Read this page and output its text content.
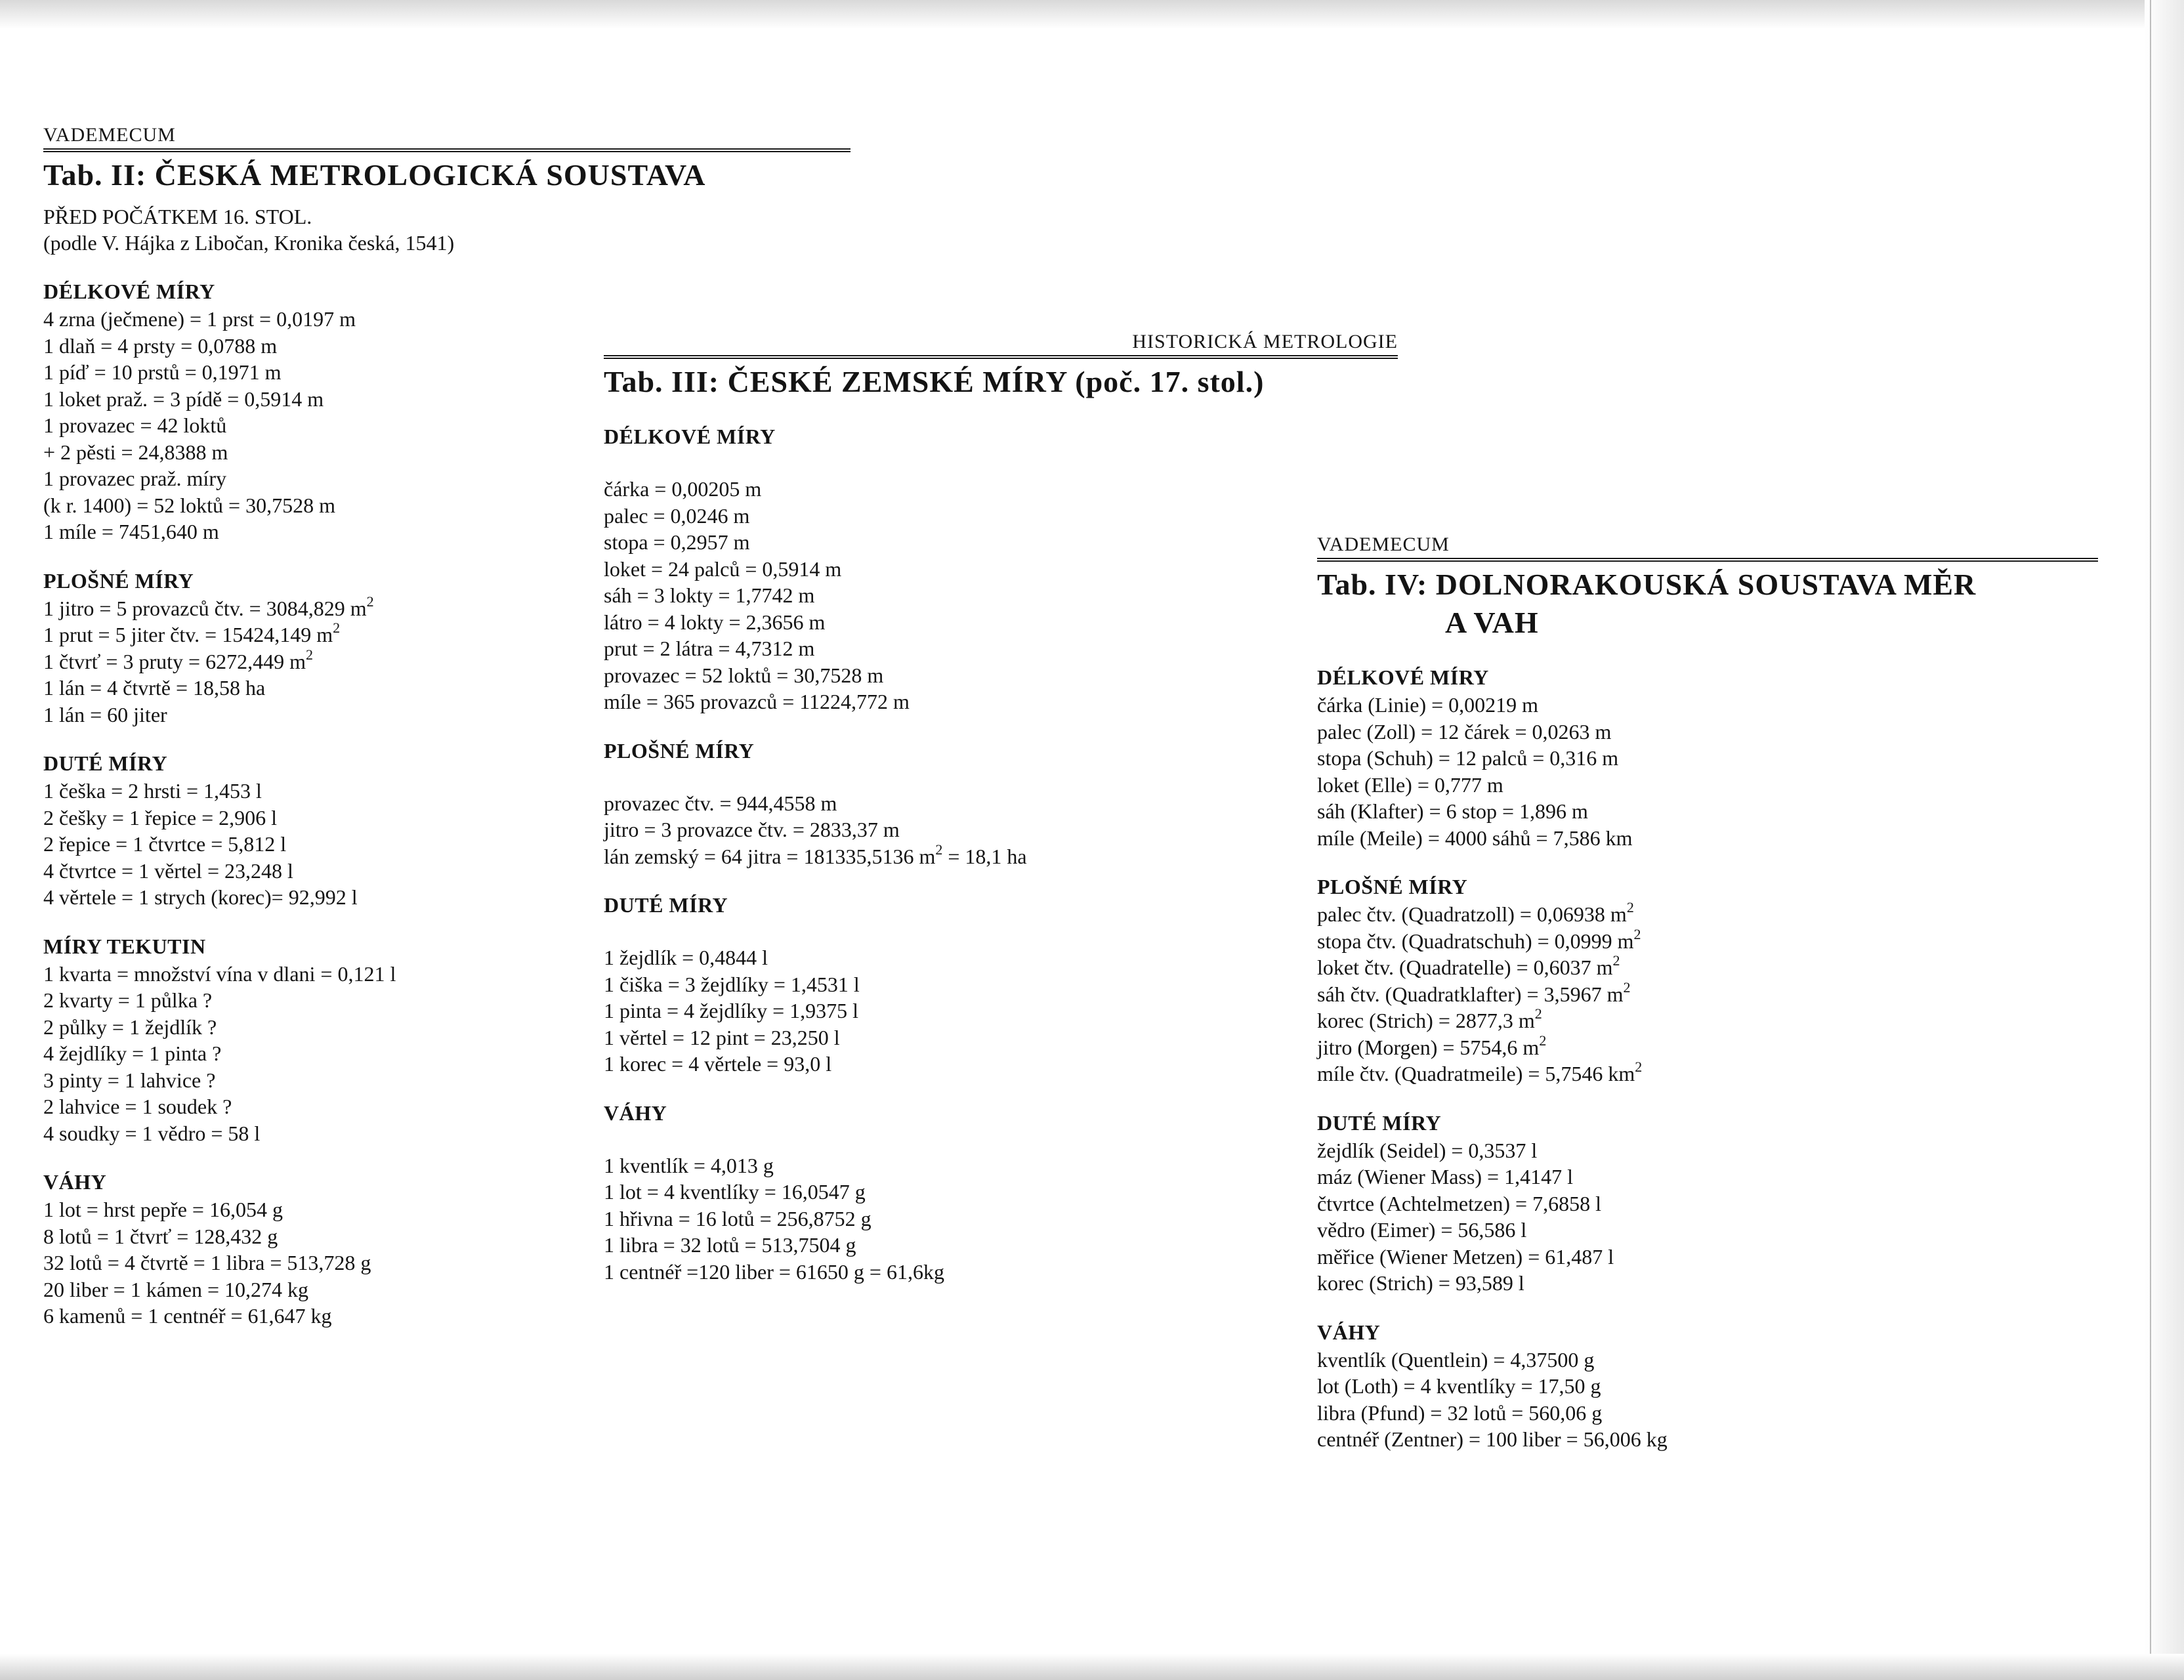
VADEMECUM

Tab. II: ČESKÁ METROLOGICKÁ SOUSTAVA

PŘED POČÁTKEM 16. STOL.

(podle V. Hájka z Libočan, Kronika česká, 1541)

DÉLKOVÉ MÍRY

4 zrna (ječmene) = 1 prst = 0,0197 m

1 dlaň = 4 prsty = 0,0788 m

1 píď = 10 prstů = 0,1971 m

1 loket praž. = 3 pídě = 0,5914 m

1 provazec = 42 loktů

+ 2 pěsti = 24,8388 m

1 provazec praž. míry

(k r. 1400) = 52 loktů = 30,7528 m

1 míle = 7451,640 m

PLOŠNÉ MÍRY

1 jitro = 5 provazců čtv. = 3084,829 $m^2$

1 prut = 5 jiter čtv. = 15424,149 $m^2$

1 čtvrť = 3 pruty = 6272,449 $m^2$

1 lán = 4 čtvrtě = 18,58 ha

1 lán = 60 jiter

DUTÉ MÍRY

1 češka = 2 hrsti = 1,453 l

2 češky = 1 řepice = 2,906 l

2 řepice = 1 čtvrtce = 5,812 l

4 čtvrtce = 1 věrtel = 23,248 l

4 věrtele = 1 strych (korec)= 92,992 l

MÍRY TEKUTIN

1 kvarta = množství vína v dlani = 0,121 l

2 kvarty = 1 půlka ?

2 půlky = 1 žejdlík ?

4 žejdlíky = 1 pinta ?

3 pinty = 1 lahvice ?

2 lahvice = 1 soudek ?

4 soudky = 1 vědro = 58 l

VÁHY

1 lot = hrst pepře = 16,054 g

8 lotů = 1 čtvrť = 128,432 g

32 lotů = 4 čtvrtě = 1 libra = 513,728 g

20 liber = 1 kámen = 10,274 kg

6 kamenů = 1 centnéř = 61,647 kg

HISTORICKÁ METROLOGIE

Tab. III: ČESKÉ ZEMSKÉ MÍRY (poč. 17. stol.)
DÉLKOVÉ MÍRY

čárka = 0,00205 m

palec = 0,0246 m

stopa = 0,2957 m

loket = 24 palců = 0,5914 m

sáh = 3 lokty = 1,7742 m

látro = 4 lokty = 2,3656 m

prut = 2 látra = 4,7312 m

provazec = 52 loktů = 30,7528 m

míle = 365 provazců = 11224,772 m

PLOŠNÉ MÍRY

provazec čtv. = 944,4558 m

jitro = 3 provazce čtv. = 2833,37 m

lán zemský = 64 jitra = 181335,5136 $m^2 = 18,1$ ha

DUTÉ MÍRY

1 žejdlík = 0,4844 l

1 čiška = 3 žejdlíky = 1,4531 l

1 pinta = 4 žejdlíky = 1,9375 l

1 věrtel = 12 pint = 23,250 l

1 korec = 4 věrtele = 93,0 l

VÁHY

1 kventlík = 4,013 g

1 lot = 4 kventlíky = 16,0547 g

1 hřivna = 16 lotů = 256,8752 g

1 libra = 32 lotů = 513,7504 g

1 centnéř =120 liber = 61650 g = 61,6kg

VADEMECUM

Tab. IV: DOLNORAKOUSKÁ SOUSTAVA MĚR
A VAH
DÉLKOVÉ MÍRY

čárka (Linie) = 0,00219 m

palec (Zoll) = 12 čárek = 0,0263 m

stopa (Schuh) = 12 palců = 0,316 m

loket (Elle) = 0,777 m

sáh (Klafter) = 6 stop = 1,896 m

míle (Meile) = 4000 sáhů = 7,586 km

PLOŠNÉ MÍRY

palec čtv. (Quadratzoll) = 0,06938 $m^2$

stopa čtv. (Quadratschuh) = 0,0999 $m^2$

loket čtv. (Quadratelle) = 0,6037 $m^2$

sáh čtv. (Quadratklafter) = 3,5967 $m^2$

korec (Strich) = 2877,3 $m^2$

jitro (Morgen) = 5754,6 $m^2$

míle čtv. (Quadratmeile) = 5,7546 $km^2$

DUTÉ MÍRY

žejdlík (Seidel) = 0,3537 l

máz (Wiener Mass) = 1,4147 l

čtvrtce (Achtelmetzen) = 7,6858 l

vědro (Eimer) = 56,586 l

měřice (Wiener Metzen) = 61,487 l

korec (Strich) = 93,589 l

VÁHY

kventlík (Quentlein) = 4,37500 g

lot (Loth) = 4 kventlíky = 17,50 g

libra (Pfund) = 32 lotů = 560,06 g

centnéř (Zentner) = 100 liber = 56,006 kg
